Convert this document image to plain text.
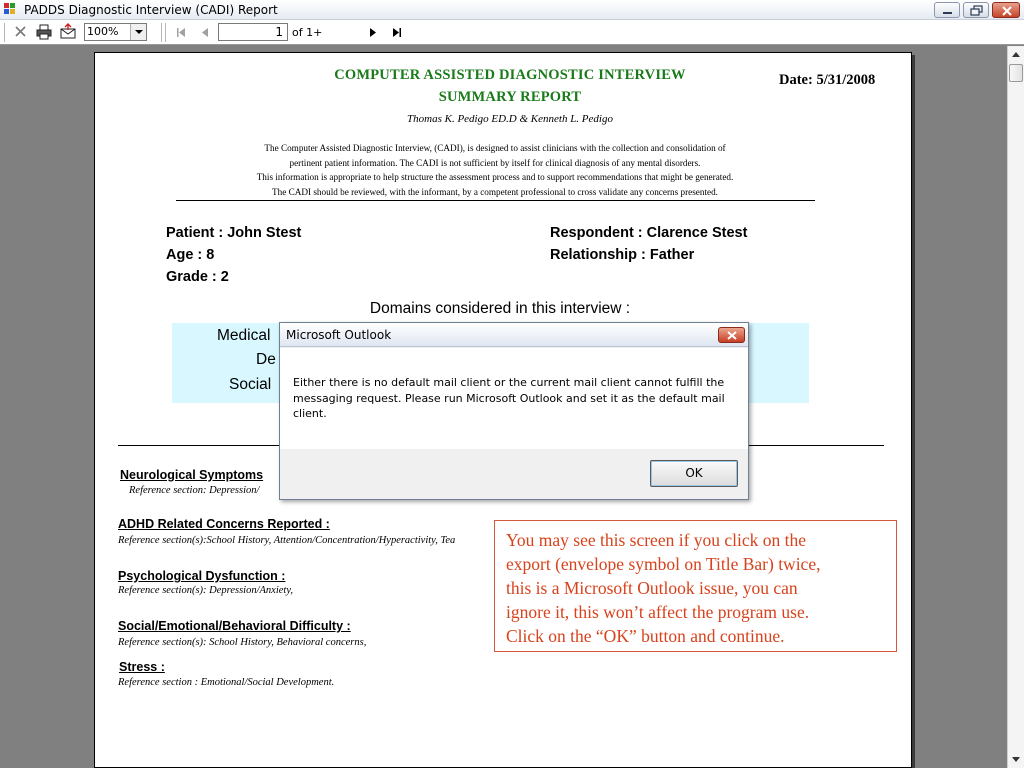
PADDS Diagnostic Interview (CADI) Report
100%	1 of 1+
COMPUTER ASSISTED DIAGNOSTIC INTERVIEW
SUMMARY REPORT
Date: 5/31/2008
Thomas K. Pedigo ED.D & Kenneth L. Pedigo
The Computer Assisted Diagnostic Interview, (CADI), is designed to assist clinicians with the collection and consolidation of
pertinent patient information. The CADI is not sufficient by itself for clinical diagnosis of any mental disorders.
This information is appropriate to help structure the assessment process and to support recommendations that might be generated.
The CADI should be reviewed, with the informant, by a competent professional to cross validate any concerns presented.
Patient : John Stest
Age : 8
Grade : 2
Respondent : Clarence Stest
Relationship : Father
Domains considered in this interview :
Medical
De
Social
Neurological Symptoms
Reference section: Depression/
ADHD Related Concerns Reported :
Reference section(s):School History, Attention/Concentration/Hyperactivity, Tea
Psychological Dysfunction :
Reference section(s): Depression/Anxiety,
Social/Emotional/Behavioral Difficulty :
Reference section(s): School History, Behavioral concerns,
Stress :
Reference section : Emotional/Social Development.
Microsoft Outlook
Either there is no default mail client or the current mail client cannot fulfill the
messaging request. Please run Microsoft Outlook and set it as the default mail
client.
OK
You may see this screen if you click on the
export (envelope symbol on Title Bar) twice,
this is a Microsoft Outlook issue, you can
ignore it, this won’t affect the program use.
Click on the “OK” button and continue.
